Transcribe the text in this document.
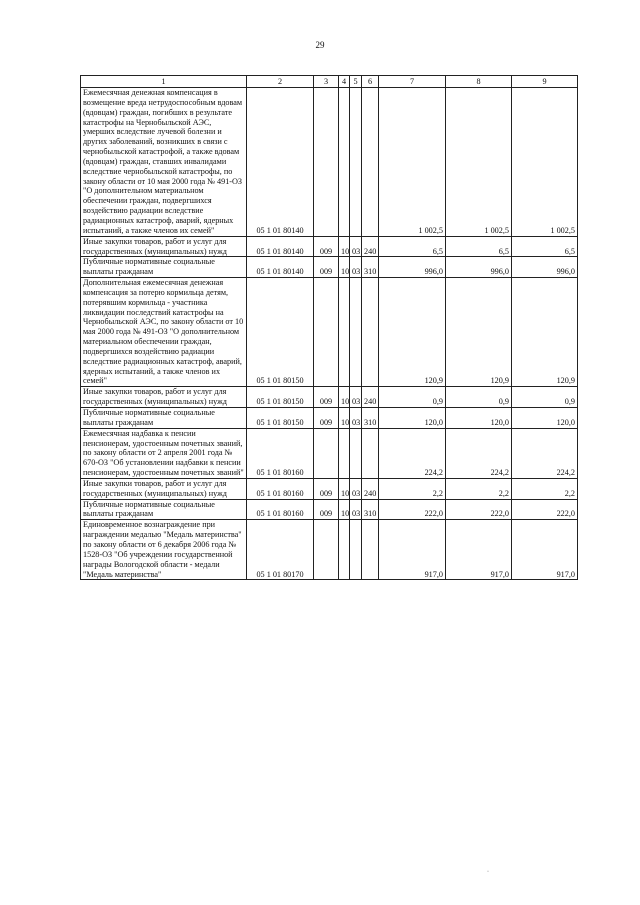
29
1	2	3	4	5	6	7	8	9
Ежемесячная денежная компенсация в возмещение вреда нетрудоспособным вдовам (вдовцам) граждан, погибших в результате катастрофы на Чернобыльской АЭС, умерших вследствие лучевой болезни и других заболеваний, возникших в связи с чернобыльской катастрофой, а также вдовам (вдовцам) граждан, ставших инвалидами вследствие чернобыльской катастрофы, по закону области от 10 мая 2000 года № 491-ОЗ "О дополнительном материальном обеспечении граждан, подвергшихся воздействию радиации вследствие радиационных катастроф, аварий, ядерных испытаний, а также членов их семей"	05 1 01 80140					1 002,5	1 002,5	1 002,5
Иные закупки товаров, работ и услуг для государственных (муниципальных) нужд	05 1 01 80140	009	10	03	240	6,5	6,5	6,5
Публичные нормативные социальные выплаты гражданам	05 1 01 80140	009	10	03	310	996,0	996,0	996,0
Дополнительная ежемесячная денежная компенсация за потерю кормильца детям, потерявшим кормильца - участника ликвидации последствий катастрофы на Чернобыльской АЭС, по закону области от 10 мая 2000 года № 491-ОЗ "О дополнительном материальном обеспечении граждан, подвергшихся воздействию радиации вследствие радиационных катастроф, аварий, ядерных испытаний, а также членов их семей"	05 1 01 80150					120,9	120,9	120,9
Иные закупки товаров, работ и услуг для государственных (муниципальных) нужд	05 1 01 80150	009	10	03	240	0,9	0,9	0,9
Публичные нормативные социальные выплаты гражданам	05 1 01 80150	009	10	03	310	120,0	120,0	120,0
Ежемесячная надбавка к пенсии пенсионерам, удостоенным почетных званий, по закону области от 2 апреля 2001 года № 670-ОЗ "Об установлении надбавки к пенсии пенсионерам, удостоенным почетных званий"	05 1 01 80160					224,2	224,2	224,2
Иные закупки товаров, работ и услуг для государственных (муниципальных) нужд	05 1 01 80160	009	10	03	240	2,2	2,2	2,2
Публичные нормативные социальные выплаты гражданам	05 1 01 80160	009	10	03	310	222,0	222,0	222,0
Единовременное вознаграждение при награждении медалью "Медаль материнства" по закону области от 6 декабря 2006 года № 1528-ОЗ "Об учреждении государственной награды Вологодской области - медали "Медаль материнства"	05 1 01 80170					917,0	917,0	917,0
·
